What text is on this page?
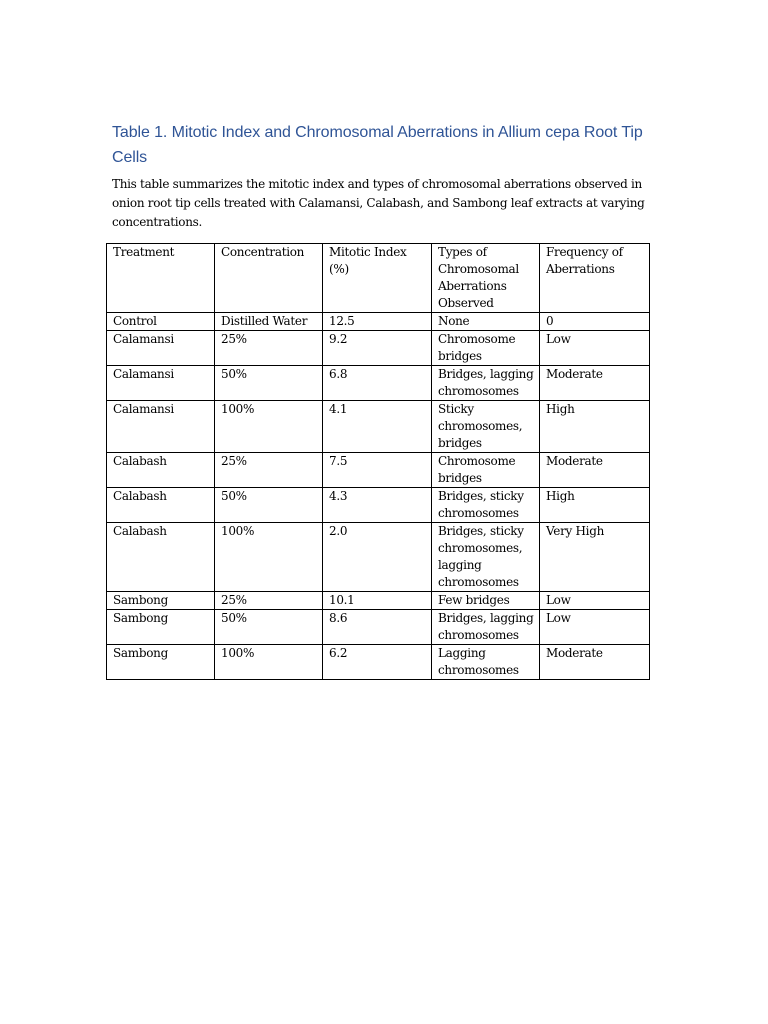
Table 1. Mitotic Index and Chromosomal Aberrations in Allium cepa Root Tip Cells
This table summarizes the mitotic index and types of chromosomal aberrations observed in onion root tip cells treated with Calamansi, Calabash, and Sambong leaf extracts at varying concentrations.
Treatment	Concentration	Mitotic Index (%)	Types of Chromosomal Aberrations Observed	Frequency of Aberrations
Control	Distilled Water	12.5	None	0
Calamansi	25%	9.2	Chromosome bridges	Low
Calamansi	50%	6.8	Bridges, lagging chromosomes	Moderate
Calamansi	100%	4.1	Sticky chromosomes, bridges	High
Calabash	25%	7.5	Chromosome bridges	Moderate
Calabash	50%	4.3	Bridges, sticky chromosomes	High
Calabash	100%	2.0	Bridges, sticky chromosomes, lagging chromosomes	Very High
Sambong	25%	10.1	Few bridges	Low
Sambong	50%	8.6	Bridges, lagging chromosomes	Low
Sambong	100%	6.2	Lagging chromosomes	Moderate
